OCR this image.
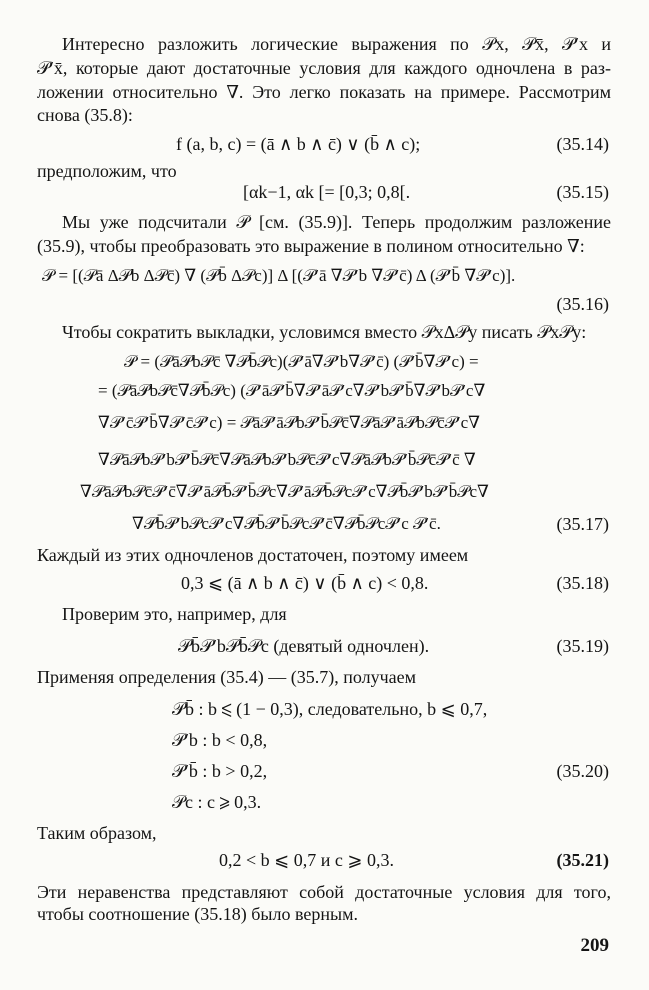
Интересно разложить логические выражения по 𝒫x, 𝒫x̄, 𝒫′x и
𝒫′x̄, которые дают достаточные условия для каждого одночлена в раз-
ложении относительно ∇. Это легко показать на примере. Рассмотрим
снова (35.8):
f (a, b, c) = (ā ∧ b ∧ c̄) ∨ (b̄ ∧ c);	(35.14)
предположим, что
[αk−1, αk [= [0,3; 0,8[.	(35.15)
Мы уже подсчитали 𝒫 [см. (35.9)]. Теперь продолжим разложение
(35.9), чтобы преобразовать это выражение в полином относительно ∇:
𝒫 = [(𝒫ā Δ𝒫b Δ𝒫c̄) ∇ (𝒫b̄ Δ𝒫c)] Δ [(𝒫′ā ∇𝒫′b ∇𝒫′c̄) Δ (𝒫′b̄ ∇𝒫′c)].
(35.16)
Чтобы сократить выкладки, условимся вместо 𝒫xΔ𝒫y писать 𝒫x𝒫y:
𝒫 = (𝒫ā𝒫b𝒫c̄ ∇𝒫b̄𝒫c)(𝒫′ā∇𝒫′b∇𝒫′c̄) (𝒫′b̄∇𝒫′c) =
= (𝒫ā𝒫b𝒫c̄∇𝒫b̄𝒫c) (𝒫′ā𝒫′b̄∇𝒫′ā𝒫′c∇𝒫′b𝒫′b̄∇𝒫′b𝒫′c∇
∇𝒫′c̄𝒫′b̄∇𝒫′c̄𝒫′c) = 𝒫ā𝒫′ā𝒫b𝒫′b̄𝒫c̄∇𝒫ā𝒫′ā𝒫b𝒫c̄𝒫′c∇
∇𝒫ā𝒫b𝒫′b𝒫′b̄𝒫c̄∇𝒫ā𝒫b𝒫′b𝒫c̄𝒫′c∇𝒫ā𝒫b𝒫′b̄𝒫c̄𝒫′c̄ ∇
∇𝒫ā𝒫b𝒫c̄𝒫′c̄∇𝒫′ā𝒫b̄𝒫′b̄𝒫c∇𝒫′ā𝒫b̄𝒫c𝒫′c∇𝒫b̄𝒫′b𝒫′b̄𝒫c∇
∇𝒫b̄𝒫′b𝒫c𝒫′c∇𝒫b̄𝒫′b̄𝒫c𝒫′c̄∇𝒫b̄𝒫c𝒫′c 𝒫′c̄.	(35.17)
Каждый из этих одночленов достаточен, поэтому имеем
0,3 ⩽ (ā ∧ b ∧ c̄) ∨ (b̄ ∧ c) < 0,8.	(35.18)
Проверим это, например, для
𝒫b̄𝒫′b𝒫b̄𝒫c (девятый одночлен).	(35.19)
Применяя определения (35.4) — (35.7), получаем
𝒫b̄ : b ⩽ (1 − 0,3), следовательно, b ⩽ 0,7,
𝒫′b : b < 0,8,
𝒫′b̄ : b > 0,2,
𝒫c : c ⩾ 0,3.
(35.20)
Таким образом,
0,2 < b ⩽ 0,7 и c ⩾ 0,3.	(35.21)
Эти неравенства представляют собой достаточные условия для того,
чтобы соотношение (35.18) было верным.
209
